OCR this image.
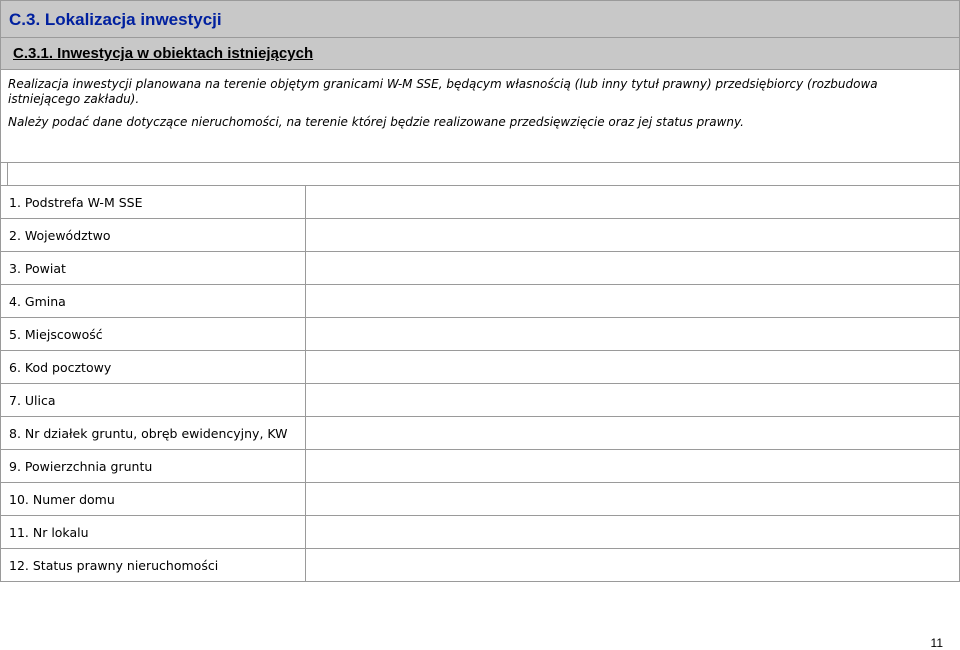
C.3. Lokalizacja inwestycji
C.3.1. Inwestycja w obiektach istniejących

Realizacja inwestycji planowana na terenie objętym granicami W-M SSE, będącym własnością (lub inny tytuł prawny) przedsiębiorcy (rozbudowa istniejącego zakładu).

Należy podać dane dotyczące nieruchomości, na terenie której będzie realizowane przedsięwzięcie oraz jej status prawny.

1. Podstrefa W-M SSE
2. Województwo
3. Powiat
4. Gmina
5. Miejscowość
6. Kod pocztowy
7. Ulica
8. Nr działek gruntu, obręb ewidencyjny, KW
9. Powierzchnia gruntu
10. Numer domu
11. Nr lokalu
12. Status prawny nieruchomości
11
